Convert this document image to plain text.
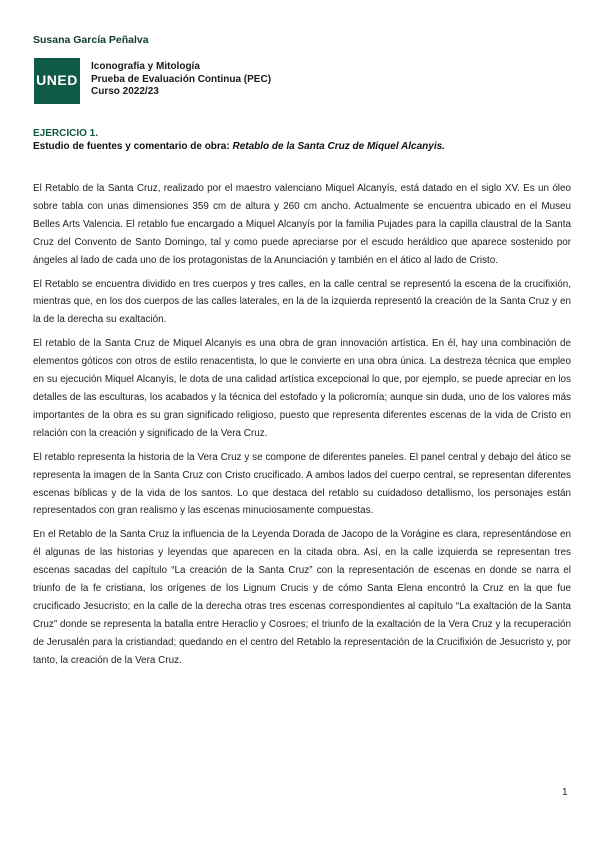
Susana García Peñalva

UNED
Iconografía y Mitología
Prueba de Evaluación Continua (PEC)
Curso 2022/23

EJERCICIO 1.

Estudio de fuentes y comentario de obra: Retablo de la Santa Cruz de Miquel Alcanyis.

El Retablo de la Santa Cruz, realizado por el maestro valenciano Miquel Alcanyís, está datado en el siglo XV. Es un óleo sobre tabla con unas dimensiones 359 cm de altura y 260 cm ancho. Actualmente se encuentra ubicado en el Museu Belles Arts Valencia. El retablo fue encargado a Miquel Alcanyís por la familia Pujades para la capilla claustral de la Santa Cruz del Convento de Santo Domingo, tal y como puede apreciarse por el escudo heráldico que aparece sostenido por ángeles al lado de cada uno de los protagonistas de la Anunciación y también en el ático al lado de Cristo.

El Retablo se encuentra dividido en tres cuerpos y tres calles, en la calle central se representó la escena de la crucifixión, mientras que, en los dos cuerpos de las calles laterales, en la de la izquierda representó la creación de la Santa Cruz y en la de la derecha su exaltación.

El retablo de la Santa Cruz de Miquel Alcanyis es una obra de gran innovación artística. En él, hay una combinación de elementos góticos con otros de estilo renacentista, lo que le convierte en una obra única. La destreza técnica que empleo en su ejecución Miquel Alcanyís, le dota de una calidad artística excepcional lo que, por ejemplo, se puede apreciar en los detalles de las esculturas, los acabados y la técnica del estofado y la policromía; aunque sin duda, uno de los valores más importantes de la obra es su gran significado religioso, puesto que representa diferentes escenas de la vida de Cristo en relación con la creación y significado de la Vera Cruz.

El retablo representa la historia de la Vera Cruz y se compone de diferentes paneles. El panel central y debajo del ático se representa la imagen de la Santa Cruz con Cristo crucificado. A ambos lados del cuerpo central, se representan diferentes escenas bíblicas y de la vida de los santos. Lo que destaca del retablo su cuidadoso detallismo, los personajes están representados con gran realismo y las escenas minuciosamente compuestas.

En el Retablo de la Santa Cruz la influencia de la Leyenda Dorada de Jacopo de la Vorágine es clara, representándose en él algunas de las historias y leyendas que aparecen en la citada obra. Así, en la calle izquierda se representan tres escenas sacadas del capítulo “La creación de la Santa Cruz” con la representación de escenas en donde se narra el triunfo de la fe cristiana, los orígenes de los Lignum Crucis y de cómo Santa Elena encontró la Cruz en la que fue crucificado Jesucristo; en la calle de la derecha otras tres escenas correspondientes al capítulo “La exaltación de la Santa Cruz” donde se representa la batalla entre Heraclio y Cosroes; el triunfo de la exaltación de la Vera Cruz y la recuperación de Jerusalén para la cristiandad; quedando en el centro del Retablo la representación de la Crucifixión de Jesucristo y, por tanto, la creación de la Vera Cruz.

1
